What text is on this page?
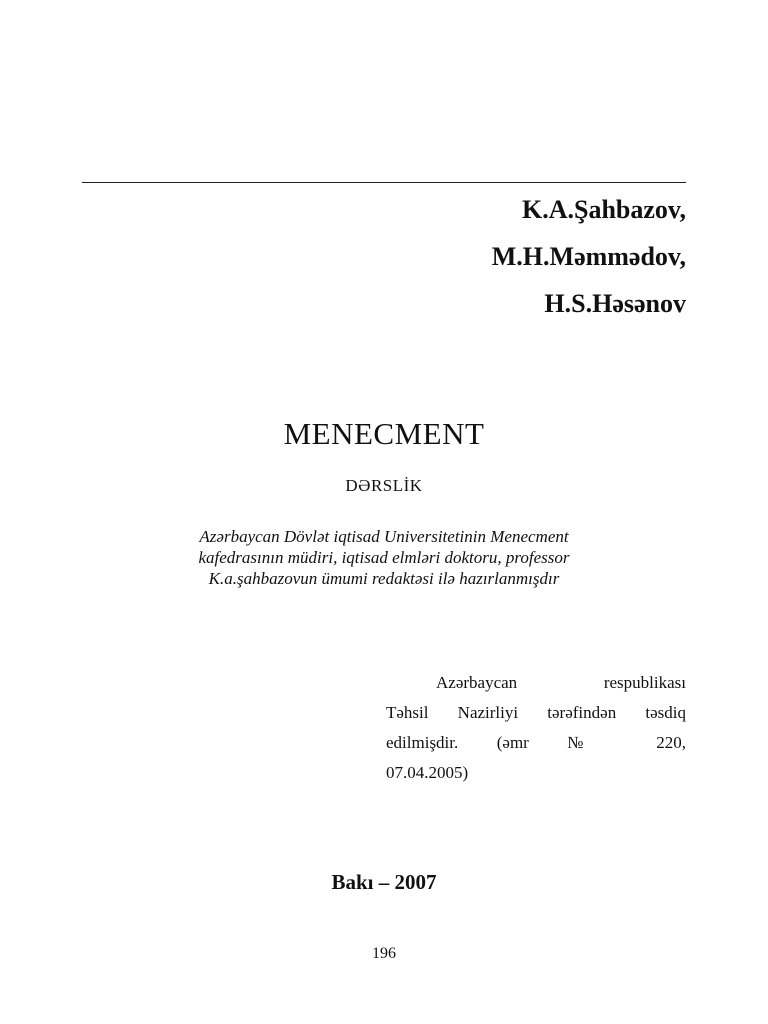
K.A.Şahbazov,
M.H.Məmmədov,
H.S.Həsənov
MENECMENT
DƏRSLİK
Azərbaycan Dövlət iqtisad Universitetinin Menecment
kafedrasının müdiri, iqtisad elmləri doktoru, professor
K.a.şahbazovun ümumi redaktəsi ilə hazırlanmışdır
Azərbaycan respublikası
Təhsil Nazirliyi tərəfindən təsdiq
edilmişdir. (əmr № 220,
07.04.2005)
Bakı – 2007
196
